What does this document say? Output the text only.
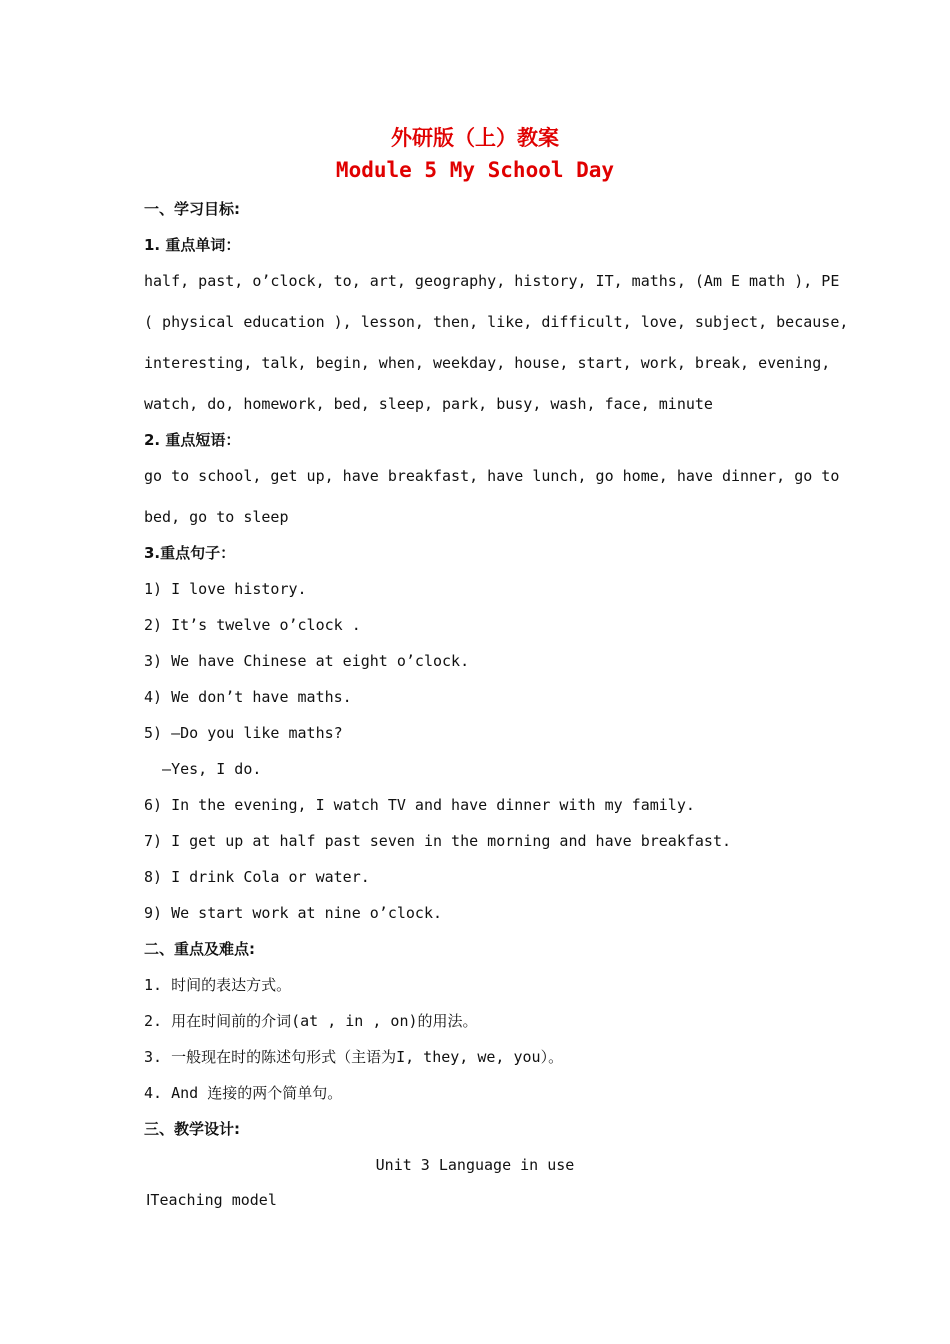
外研版（上）教案
Module 5 My School Day
一、学习目标:
1. 重点单词：
half, past, o’clock, to, art, geography, history, IT, maths, (Am E math ), PE
( physical education ), lesson, then, like, difficult, love, subject, because,
interesting, talk, begin, when, weekday, house, start, work, break, evening,
watch, do, homework, bed, sleep, park, busy, wash, face, minute
2. 重点短语：
go to school, get up, have breakfast, have lunch, go home, have dinner, go to
bed, go to sleep
3.重点句子：
1) I love history.
2) It’s twelve o’clock .
3) We have Chinese at eight o’clock.
4) We don’t have maths.
5) —Do you like maths?
—Yes, I do.
6) In the evening, I watch TV and have dinner with my family.
7) I get up at half past seven in the morning and have breakfast.
8) I drink Cola or water.
9) We start work at nine o’clock.
二、重点及难点:
1. 时间的表达方式。
2. 用在时间前的介词(at , in , on)的用法。
3. 一般现在时的陈述句形式（主语为I, they, we, you）。
4. And 连接的两个简单句。
三、教学设计:
Unit 3 Language in use
ⅠTeaching model
